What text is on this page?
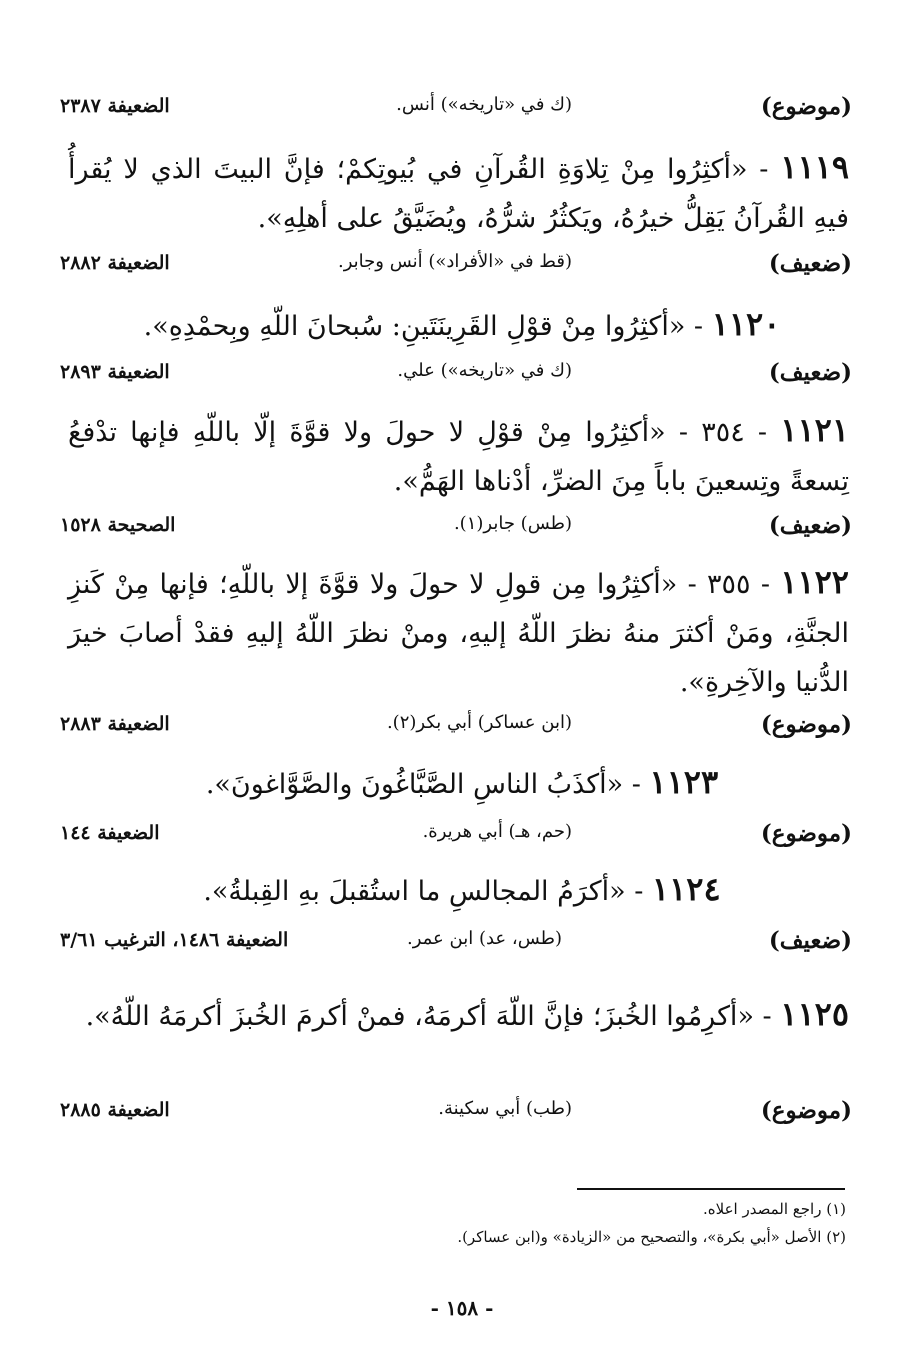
(موضوع)
(ك في «تاريخه») أنس.
الضعيفة ٢٣٨٧
١١١٩ - «أكثِرُوا مِنْ تِلاوَةِ القُرآنِ في بُيوتِكمْ؛ فإنَّ البيتَ الذي لا يُقرأُ فيهِ القُرآنُ يَقِلُّ خيرُهُ، ويَكثُرُ شرُّهُ، ويُضَيَّقُ على أهلِهِ».
(ضعيف)
(قط في «الأفراد») أنس وجابر.
الضعيفة ٢٨٨٢
١١٢٠ - «أكثِرُوا مِنْ قوْلِ القَرِينَتَينِ: سُبحانَ اللّهِ وبِحمْدِهِ».
(ضعيف)
(ك في «تاريخه») علي.
الضعيفة ٢٨٩٣
١١٢١ - ٣٥٤ - «أكثِرُوا مِنْ قوْلِ لا حولَ ولا قوَّةَ إلّا باللّهِ فإنها تدْفعُ تِسعةً وتِسعينَ باباً مِنَ الضرِّ، أدْناها الهَمُّ».
(ضعيف)
(طس) جابر(١).
الصحيحة ١٥٢٨
١١٢٢ - ٣٥٥ - «أكثِرُوا مِن قولِ لا حولَ ولا قوَّةَ إلا باللّهِ؛ فإنها مِنْ كَنزِ الجنَّةِ، ومَنْ أكثرَ منهُ نظرَ اللّهُ إليهِ، ومنْ نظرَ اللّهُ إليهِ فقدْ أصابَ خيرَ الدُّنيا والآخِرةِ».
(موضوع)
(ابن عساكر) أبي بكر(٢).
الضعيفة ٢٨٨٣
١١٢٣ - «أكذَبُ الناسِ الصَّبَّاغُونَ والصَّوَّاغونَ».
(موضوع)
(حم، هـ) أبي هريرة.
الضعيفة ١٤٤
١١٢٤ - «أكرَمُ المجالسِ ما استُقبلَ بهِ القِبلةُ».
(ضعيف)
(طس، عد) ابن عمر.
الضعيفة ١٤٨٦، الترغيب ٣/٦١
١١٢٥ - «أكرِمُوا الخُبزَ؛ فإنَّ اللّهَ أكرمَهُ، فمنْ أكرمَ الخُبزَ أكرمَهُ اللّهُ».
(موضوع)
(طب) أبي سكينة.
الضعيفة ٢٨٨٥
(١) راجع المصدر اعلاه.
(٢) الأصل «أبي بكرة»، والتصحيح من «الزيادة» و(ابن عساكر).
- ١٥٨ -
